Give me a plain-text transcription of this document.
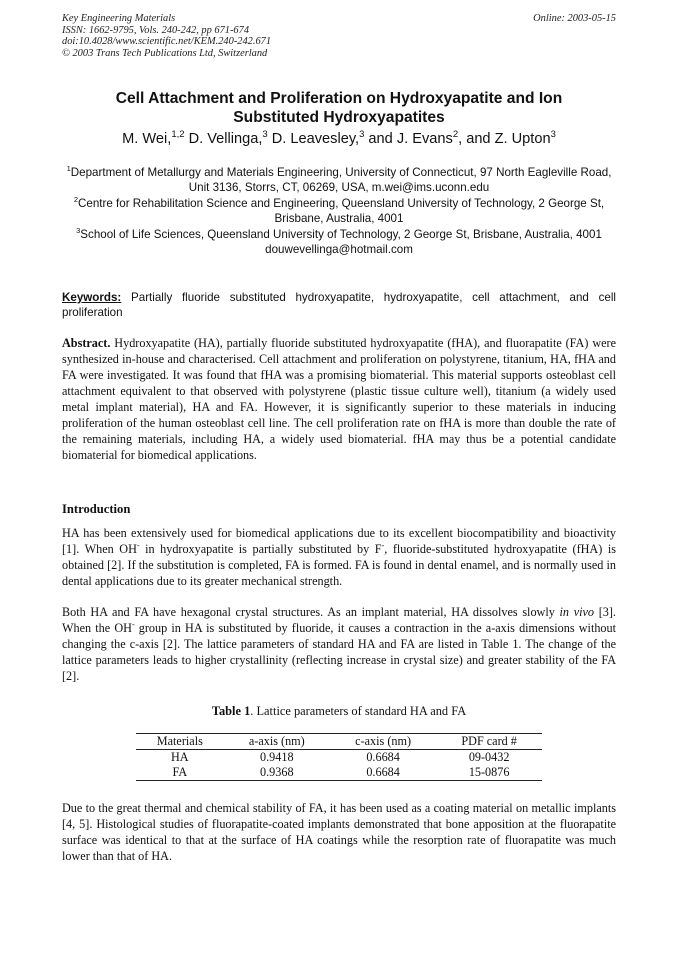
Key Engineering Materials
ISSN: 1662-9795, Vols. 240-242, pp 671-674
doi:10.4028/www.scientific.net/KEM.240-242.671
© 2003 Trans Tech Publications Ltd, Switzerland
Online: 2003-05-15
Cell Attachment and Proliferation on Hydroxyapatite and Ion
Substituted Hydroxyapatites
M. Wei,$^{1,2}$ D. Vellinga,$^3$ D. Leavesley,$^3$ and J. Evans$^2$, and Z. Upton$^3$
$^1$Department of Metallurgy and Materials Engineering, University of Connecticut, 97 North Eagleville Road, Unit 3136, Storrs, CT, 06269, USA, m.wei@ims.uconn.edu
$^2$Centre for Rehabilitation Science and Engineering, Queensland University of Technology, 2 George St, Brisbane, Australia, 4001
$^3$School of Life Sciences, Queensland University of Technology, 2 George St, Brisbane, Australia, 4001
douwevellinga@hotmail.com
Keywords: Partially fluoride substituted hydroxyapatite, hydroxyapatite, cell attachment, and cell proliferation
Abstract. Hydroxyapatite (HA), partially fluoride substituted hydroxyapatite (fHA), and fluorapatite (FA) were synthesized in-house and characterised. Cell attachment and proliferation on polystyrene, titanium, HA, fHA and FA were investigated. It was found that fHA was a promising biomaterial. This material supports osteoblast cell attachment equivalent to that observed with polystyrene (plastic tissue culture well), titanium (a widely used metal implant material), HA and FA. However, it is significantly superior to these materials in inducing proliferation of the human osteoblast cell line. The cell proliferation rate on fHA is more than double the rate of the remaining materials, including HA, a widely used biomaterial. fHA may thus be a potential candidate biomaterial for biomedical applications.
Introduction
HA has been extensively used for biomedical applications due to its excellent biocompatibility and bioactivity [1]. When OH- in hydroxyapatite is partially substituted by F-, fluoride-substituted hydroxyapatite (fHA) is obtained [2]. If the substitution is completed, FA is formed. FA is found in dental enamel, and is normally used in dental applications due to its greater mechanical strength.
Both HA and FA have hexagonal crystal structures. As an implant material, HA dissolves slowly in vivo [3]. When the OH- group in HA is substituted by fluoride, it causes a contraction in the a-axis dimensions without changing the c-axis [2]. The lattice parameters of standard HA and FA are listed in Table 1. The change of the lattice parameters leads to higher crystallinity (reflecting increase in crystal size) and greater stability of the FA [2].
Table 1. Lattice parameters of standard HA and FA
Materials	a-axis (nm)	c-axis (nm)	PDF card #
HA	0.9418	0.6684	09-0432
FA	0.9368	0.6684	15-0876
Due to the great thermal and chemical stability of FA, it has been used as a coating material on metallic implants [4, 5]. Histological studies of fluorapatite-coated implants demonstrated that bone apposition at the fluorapatite surface was identical to that at the surface of HA coatings while the resorption rate of fluorapatite was much lower than that of HA.
